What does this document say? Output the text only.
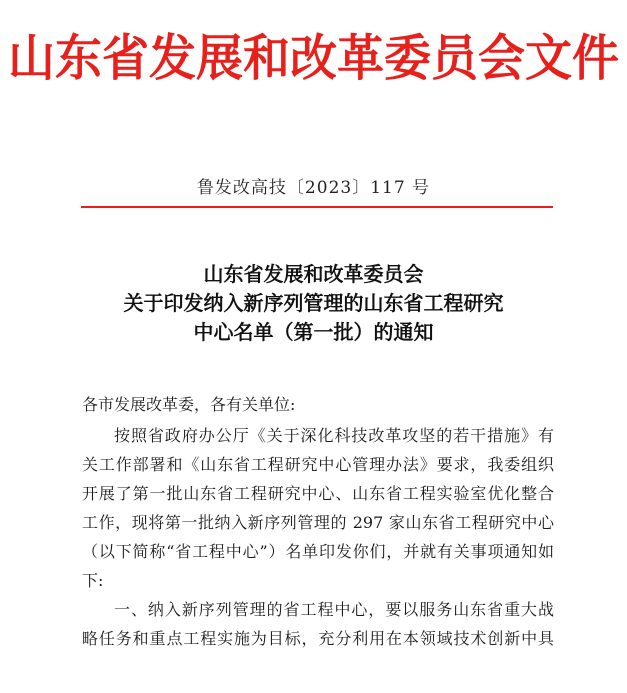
山东省发展和改革委员会文件
鲁发改高技〔2023〕117 号
山东省发展和改革委员会
关于印发纳入新序列管理的山东省工程研究
中心名单（第一批）的通知
各市发展改革委，各有关单位:
按照省政府办公厅《关于深化科技改革攻坚的若干措施》有
关工作部署和《山东省工程研究中心管理办法》要求，我委组织
开展了第一批山东省工程研究中心、山东省工程实验室优化整合
工作，现将第一批纳入新序列管理的 297 家山东省工程研究中心
（以下简称“省工程中心”）名单印发你们，并就有关事项通知如
下:
一、纳入新序列管理的省工程中心，要以服务山东省重大战
略任务和重点工程实施为目标，充分利用在本领域技术创新中具
